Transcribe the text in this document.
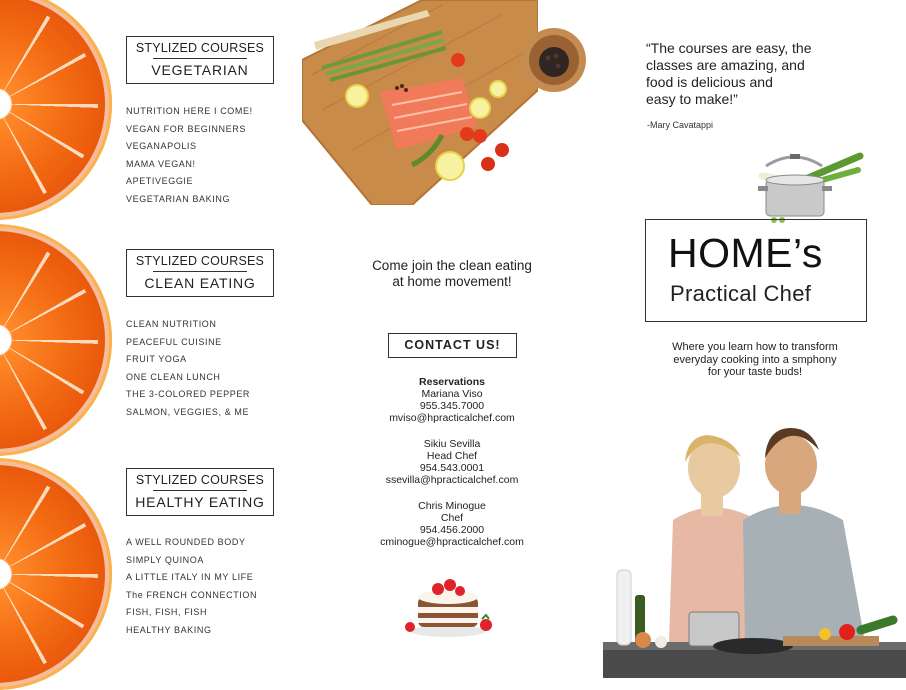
STYLIZED COURSES
VEGETARIAN
NUTRITION HERE I COME!
VEGAN FOR BEGINNERS
VEGANAPOLIS
MAMA VEGAN!
APETIVEGGIE
VEGETARIAN BAKING
STYLIZED COURSES
CLEAN EATING
CLEAN NUTRITION
PEACEFUL CUISINE
FRUIT YOGA
ONE CLEAN LUNCH
THE 3-COLORED PEPPER
SALMON, VEGGIES, & ME
STYLIZED COURSES
HEALTHY EATING
A WELL ROUNDED BODY
SIMPLY QUINOA
A LITTLE ITALY IN MY LIFE
The FRENCH CONNECTION
FISH, FISH, FISH
HEALTHY BAKING
Come join the clean eating
at home movement!
CONTACT US!
Reservations
Mariana Viso
955.345.7000
mviso@hpracticalchef.com
Sikiu Sevilla
Head Chef
954.543.0001
ssevilla@hpracticalchef.com
Chris Minogue
Chef
954.456.2000
cminogue@hpracticalchef.com
“The courses are easy, the
classes are amazing, and
food is delicious and
easy to make!”
-Mary Cavatappi
HOME’s
Practical Chef
Where you learn how to transform
everyday cooking into a smphony
for your taste buds!
